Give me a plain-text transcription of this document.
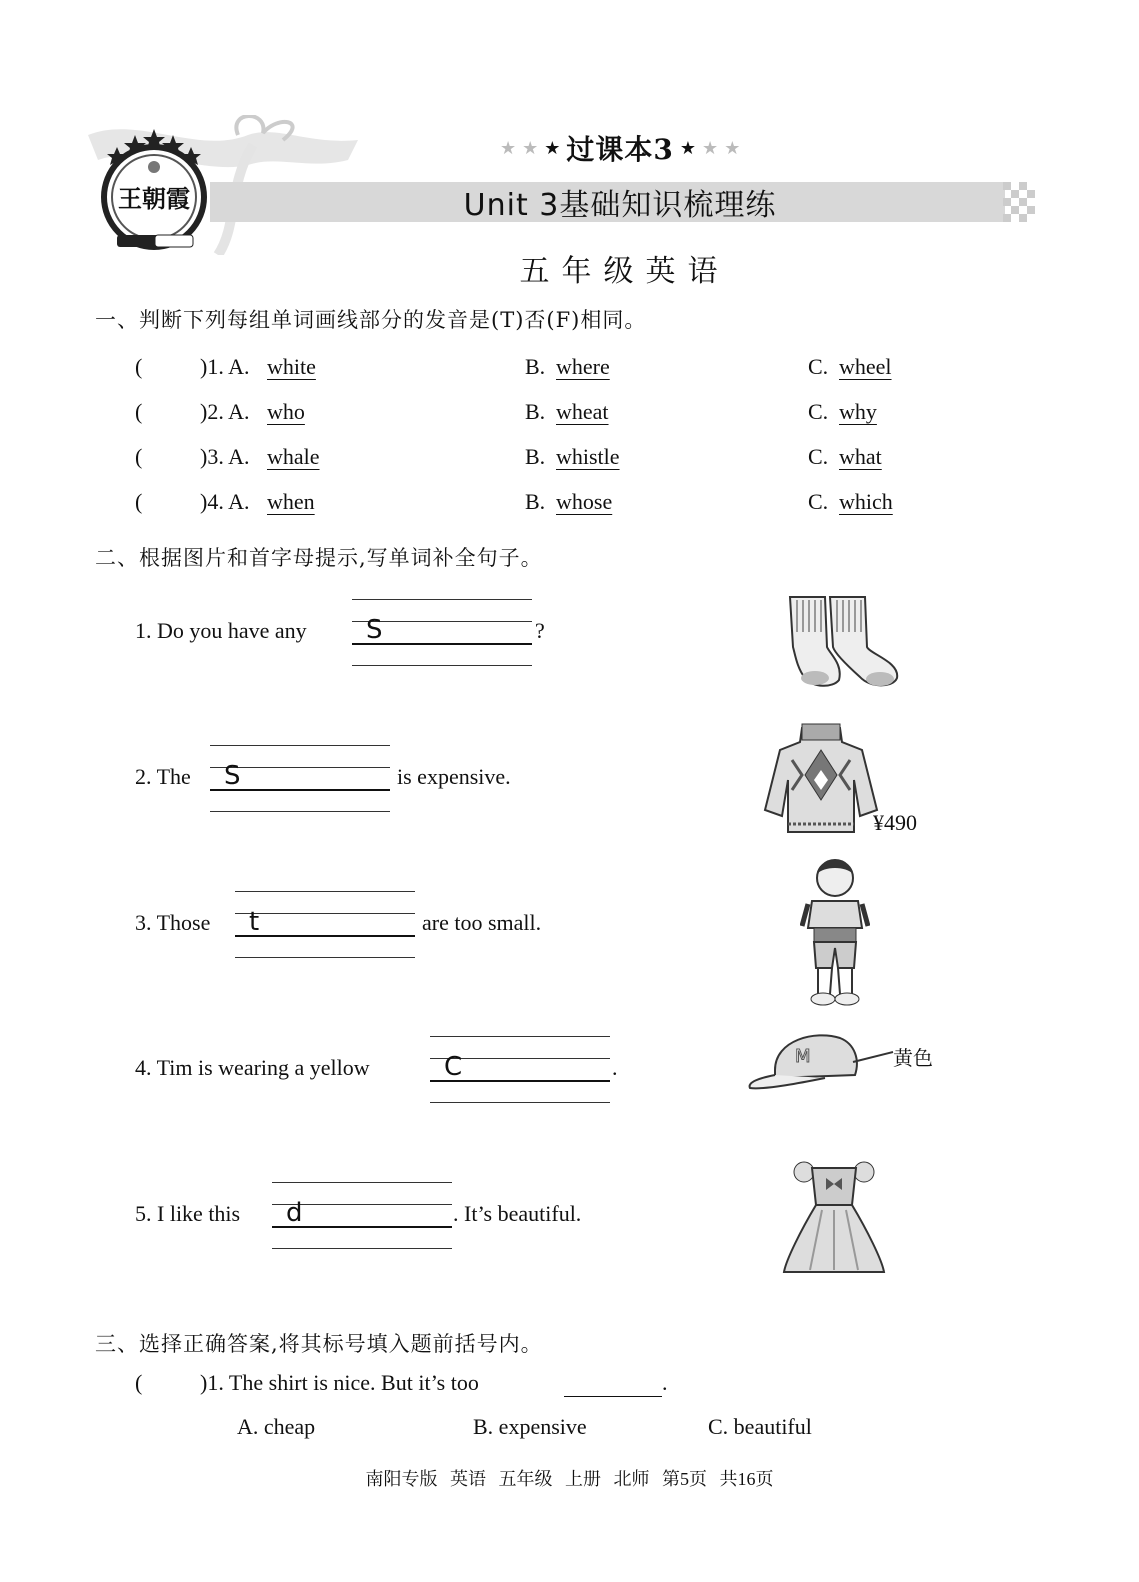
王朝霞
★ ★ ★ 过课本3 ★ ★ ★
Unit 3基础知识梳理练
五年级英语
一、判断下列每组单词画线部分的发音是(T)否(F)相同。
(	)1. A. white	B. where	C. wheel
(	)2. A. who	B. wheat	C. why
(	)3. A. whale	B. whistle	C. what
(	)4. A. when	B. whose	C. which
二、根据图片和首字母提示,写单词补全句子。
1. Do you have any S	?
2. The S	is expensive.
¥490
3. Those t	are too small.
4. Tim is wearing a yellow	C	.	M	黄色
5. I like this d	. It’s beautiful.
三、选择正确答案,将其标号填入题前括号内。
(	)1. The shirt is nice. But it’s too	.
A. cheap	B. expensive	C. beautiful
南阳专版 英语 五年级 上册 北师 第5页 共16页
